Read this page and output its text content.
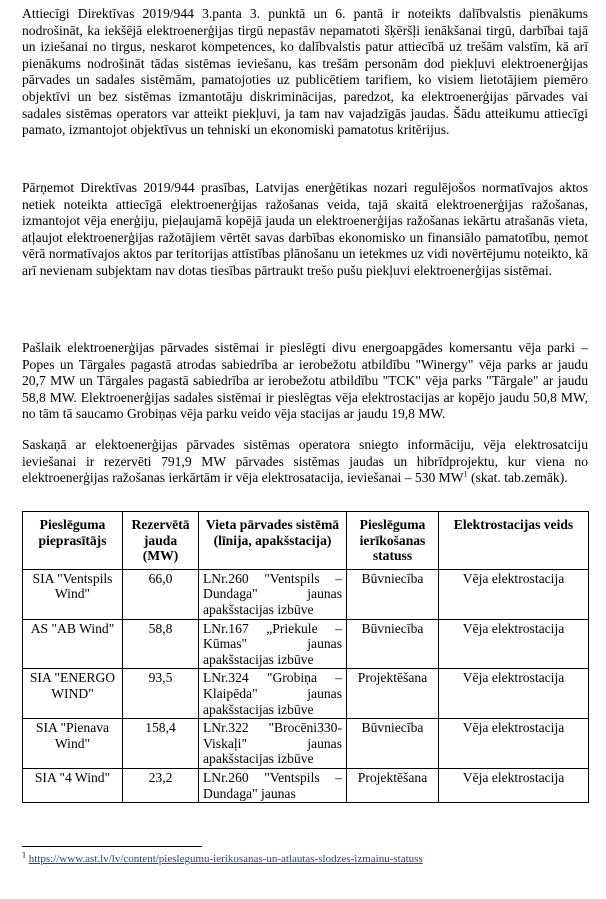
Attiecīgi Direktīvas 2019/944 3.panta 3. punktā un 6. pantā ir noteikts dalībvalstis pienākums nodrošināt, ka iekšējā elektroenerģijas tirgū nepastāv nepamatoti šķēršļi ienākšanai tirgū, darbībai tajā un iziešanai no tirgus, neskarot kompetences, ko dalībvalstis patur attiecībā uz trešām valstīm, kā arī pienākums nodrošināt tādas sistēmas ieviešanu, kas trešām personām dod piekļuvi elektroenerģijas pārvades un sadales sistēmām, pamatojoties uz publicētiem tarifiem, ko visiem lietotājiem piemēro objektīvi un bez sistēmas izmantotāju diskriminācijas, paredzot, ka elektroenerģijas pārvades vai sadales sistēmas operators var atteikt piekļuvi, ja tam nav vajadzīgās jaudas. Šādu atteikumu attiecīgi pamato, izmantojot objektīvus un tehniski un ekonomiski pamatotus kritērijus.

Pārņemot Direktīvas 2019/944 prasības, Latvijas enerģētikas nozari regulējošos normatīvajos aktos netiek noteikta attiecīgā elektroenerģijas ražošanas veida, tajā skaitā elektroenerģijas ražošanas, izmantojot vēja enerģiju, pieļaujamā kopējā jauda un elektroenerģijas ražošanas iekārtu atrašanās vieta, atļaujot elektroenerģijas ražotājiem vērtēt savas darbības ekonomisko un finansiālo pamatotību, ņemot vērā normatīvajos aktos par teritorijas attīstības plānošanu un ietekmes uz vidi novērtējumu noteikto, kā arī nevienam subjektam nav dotas tiesības pārtraukt trešo pušu piekļuvi elektroenerģijas sistēmai.

Pašlaik elektroenerģijas pārvades sistēmai ir pieslēgti divu energoapgādes komersantu vēja parki – Popes un Tārgales pagastā atrodas sabiedrība ar ierobežotu atbildību "Winergy" vēja parks ar jaudu 20,7 MW un Tārgales pagastā sabiedrība ar ierobežotu atbildību "TCK" vēja parks "Tārgale" ar jaudu 58,8 MW. Elektroenerģijas sadales sistēmai ir pieslēgtas vēja elektrostacijas ar kopējo jaudu 50,8 MW, no tām tā saucamo Grobiņas vēja parku veido vēja stacijas ar jaudu 19,8 MW.

Saskaņā ar elektoenerģijas pārvades sistēmas operatora sniegto informāciju, vēja elektrosatciju ieviešanai ir rezervēti 791,9 MW pārvades sistēmas jaudas un hibrīdprojektu, kur viena no elektroenerģijas ražošanas ierkārtām ir vēja elektrosatacija, ieviešanai – 530 $MW^1$ (skat. tab.zemāk).

Pieslēguma pieprasītājs	Rezervētā jauda (MW)	Vieta pārvades sistēmā (līnija, apakšstacija)	Pieslēguma ierīkošanas statuss	Elektrostacijas veids
SIA "Ventspils Wind"	66,0	LNr.260 "Ventspils – Dundaga" jaunas apakšstacijas izbūve	Būvniecība	Vēja elektrostacija
AS "AB Wind"	58,8	LNr.167 „Priekule – Kūmas" jaunas apakšstacijas izbūve	Būvniecība	Vēja elektrostacija
SIA "ENERGO WIND"	93,5	LNr.324 "Grobiņa – Klaipēda" jaunas apakšstacijas izbūve	Projektēšana	Vēja elektrostacija
SIA "Pienava Wind"	158,4	LNr.322 "Brocēni330-Viskaļi" jaunas apakšstacijas izbūve	Būvniecība	Vēja elektrostacija
SIA "4 Wind"	23,2	LNr.260 "Ventspils – Dundaga" jaunas	Projektēšana	Vēja elektrostacija
$^1$ https://www.ast.lv/lv/content/pieslegumu-ierikosanas-un-atlautas-slodzes-izmainu-statuss
